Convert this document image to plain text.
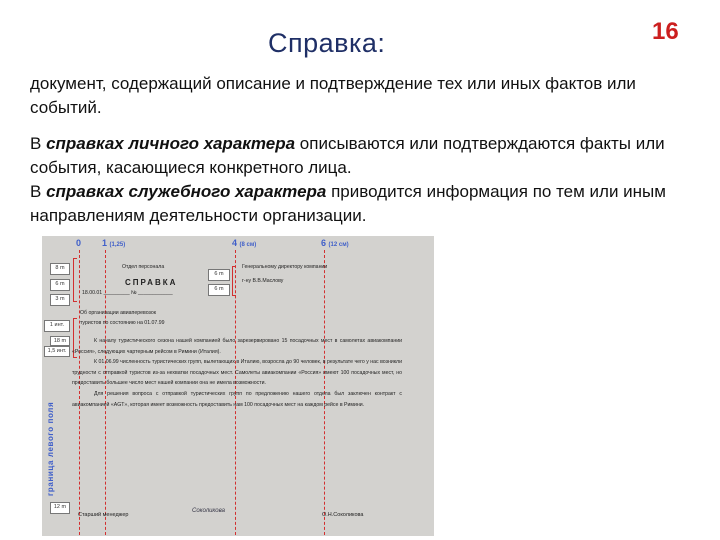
Справка:	16
документ, содержащий описание и подтверждение тех или иных фактов или событий.
В справках личного характера описываются или подтверждаются факты или события, касающиеся конкретного лица.
В справках служебного характера приводится информация по тем или иным направлениям деятельности организации.
0 1 (1,25)	4 (8 см)	6 (12 см)
граница левого поля
8 m
6 m
3 m
1 инт.
18 m
1,5 инт.
12 m
6 m
6 m
Отдел персонала
СПРАВКА
18.00.01 _________ № ____________
Генеральному директору компании
г-ну В.В.Маслову
Об организации авиаперевозок
туристов по состоянию на 01.07.99

К началу туристического сезона нашей компанией было зарезервировано 15 посадочных мест в самолетах авиакомпании «Россия», следующих чартерным рейсом в Римини (Италия).

К 01.06.99 численность туристических групп, вылетающих в Италию, возросла до 90 человек, в результате чего у нас возникли трудности с отправкой туристов из-за нехватки посадочных мест. Самолеты авиакомпании «Россия» имеют 100 посадочных мест, но предоставить большее число мест нашей компании она не имела возможности.

Для решения вопроса с отправкой туристических групп по предложению нашего отдела был заключен контракт с авиакомпанией «AGT», которая имеет возможность предоставить нам 100 посадочных мест на каждом рейсе в Римини.

Старший менеджер
Соколикова
О.Н.Соколикова
